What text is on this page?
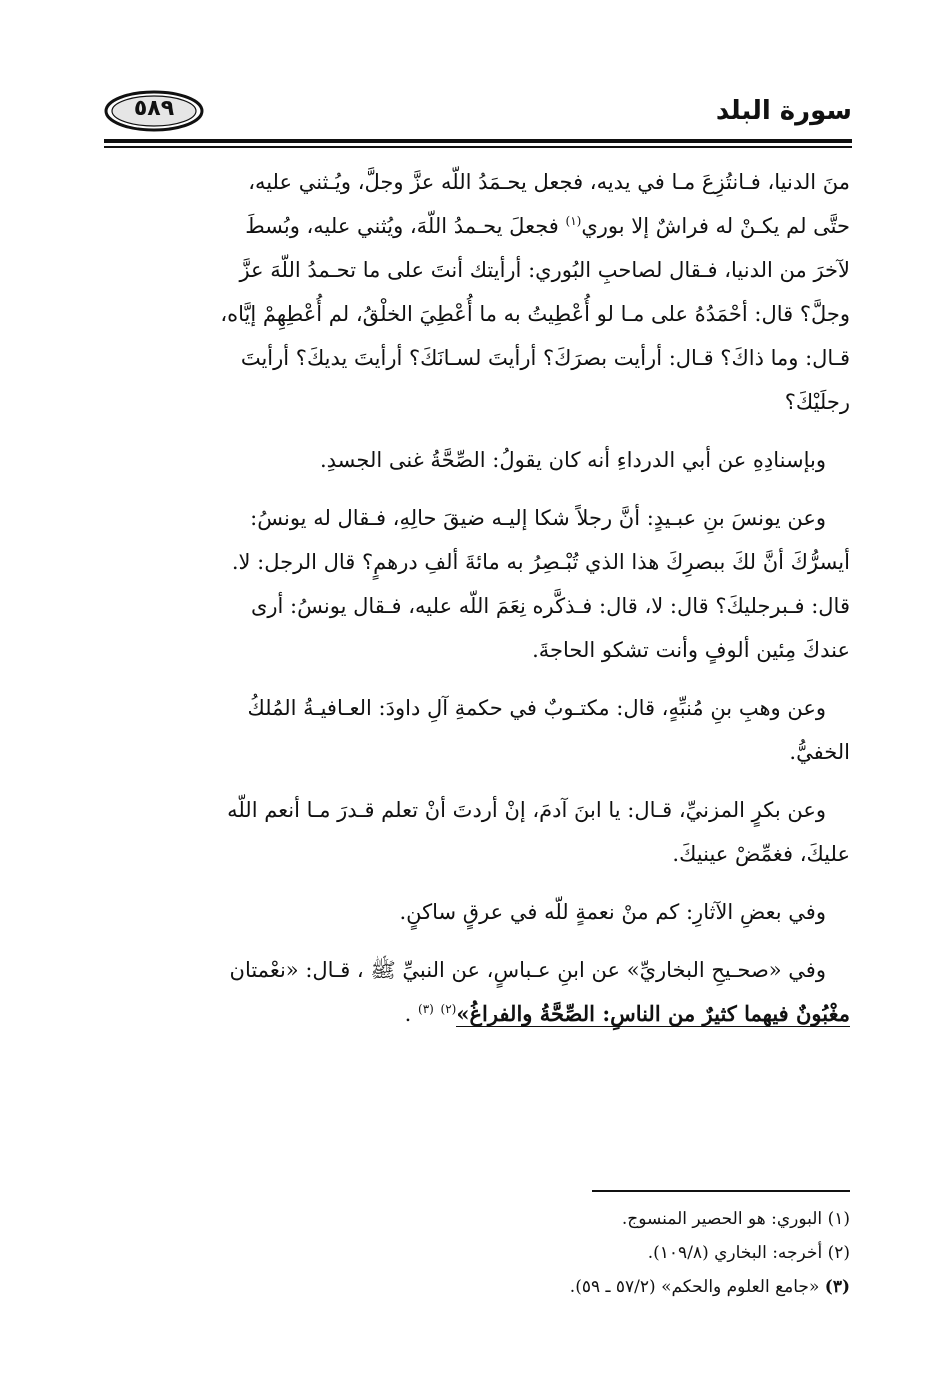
سورة البلد
٥٨٩
منَ الدنيا، فـانتُزِعَ مـا في يديه، فجعل يحـمَدُ اللّه عزَّ وجلَّ، ويُـثني عليه،
حتَّى لم يكـنْ له فراشٌ إلا بوري$^{(١)}$ فجعلَ يحـمدُ اللّهَ، ويُثني عليه، وبُسطَ
لآخرَ من الدنيا، فـقال لصاحبِ البُوري: أرأيتك أنتَ على ما تحـمدُ اللّهَ عزَّ
وجلَّ؟ قال: أحْمَدُهُ على مـا لو أُعْطِيتُ به ما أُعْطِيَ الخلْقُ، لم أُعْطِهِمْ إيَّاه،
قـال: وما ذاكَ؟ قـال: أرأيت بصرَكَ؟ أرأيتَ لسـانَكَ؟ أرأيتَ يديكَ؟ أرأيتَ
رجلَيْكَ؟
وبإسنادِهِ عن أبي الدرداءِ أنه كان يقولُ: الصِّحَّةُ غنى الجسدِ.
وعن يونسَ بنِ عبـيدٍ: أنَّ رجلاً شكا إليـه ضيقَ حالِهِ، فـقال له يونسُ:
أيسرُّكَ أنَّ لكَ ببصرِكَ هذا الذي تُبْـصِرُ به مائةَ ألفِ درهمٍ؟ قال الرجل: لا.
قال: فـبرجليكَ؟ قال: لا، قال: فـذكَّره نِعَمَ اللّه عليه، فـقال يونسُ: أرى
عندكَ مِئين ألوفٍ وأنت تشكو الحاجةَ.
وعن وهبِ بنِ مُنبِّهٍ، قال: مكتـوبٌ في حكمةِ آلِ داودَ: العـافيـةُ المُلكُ
الخفيُّ.
وعن بكرٍ المزنيِّ، قـال: يا ابنَ آدمَ، إنْ أردتَ أنْ تعلم قـدرَ مـا أنعم اللّه
عليكَ، فغمِّضْ عينيكَ.
وفي بعضِ الآثارِ: كم منْ نعمةٍ للّه في عرقٍ ساكنٍ.
وفي «صحـيحِ البخاريِّ» عن ابنِ عـباسٍ، عن النبيِّ ﷺ ، قـال: «نعْمتان
مغْبُونٌ فيهما كثيرٌ من الناسِ: الصِّحَّةُ والفراغُ»$^{(٢)}$ $^{(٣)}$ .
(١) البوري: هو الحصير المنسوج.
(٢) أخرجه: البخاري (١٠٩/٨).
(٣) «جامع العلوم والحكم» (٥٧/٢ ـ ٥٩).
